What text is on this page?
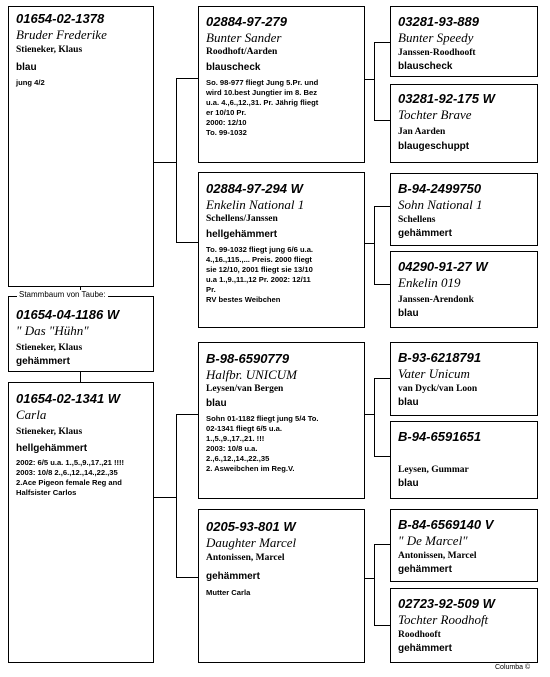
01654-02-1378
Bruder Frederike
Stieneker, Klaus
blau
jung 4/2
01654-04-1186 W
" Das "Hühn"
Stieneker, Klaus
gehämmert
Stammbaum von Taube:
01654-02-1341 W
Carla
Stieneker, Klaus
hellgehämmert
2002: 6/5 u.a. 1.,5.,9.,17.,21 !!!!
2003: 10/8 2.,6.,12.,14.,22.,35
2.Ace Pigeon female Reg and
Halfsister Carlos
02884-97-279
Bunter Sander
Roodhoft/Aarden
blauscheck
So. 98-977 fliegt Jung 5.Pr. und
wird 10.best Jungtier im 8. Bez
u.a. 4.,6.,12.,31. Pr. Jährig fliegt
er 10/10 Pr.
2000: 12/10
To. 99-1032
02884-97-294 W
Enkelin National 1
Schellens/Janssen
hellgehämmert
To. 99-1032 fliegt jung 6/6 u.a.
4.,16.,115.,... Preis. 2000 fliegt
sie 12/10, 2001 fliegt sie 13/10
u.a 1.,9.,11.,12 Pr. 2002: 12/11
Pr.
RV bestes Weibchen
B-98-6590779
Halfbr. UNICUM
Leysen/van Bergen
blau
Sohn 01-1182 fliegt jung 5/4 To.
02-1341 fliegt 6/5 u.a.
1.,5.,9.,17.,21. !!!
2003: 10/8 u.a.
2.,6.,12.,14.,22.,35
2. Asweibchen im Reg.V.
0205-93-801 W
Daughter Marcel
Antonissen, Marcel
gehämmert
Mutter Carla
03281-93-889
Bunter Speedy
Janssen-Roodhooft
blauscheck
03281-92-175 W
Tochter Brave
Jan Aarden
blaugeschuppt
B-94-2499750
Sohn National 1
Schellens
gehämmert
04290-91-27 W
Enkelin 019
Janssen-Arendonk
blau
B-93-6218791
Vater Unicum
van Dyck/van Loon
blau
B-94-6591651
Leysen, Gummar
blau
B-84-6569140 V
" De Marcel"
Antonissen, Marcel
gehämmert
02723-92-509 W
Tochter Roodhoft
Roodhooft
gehämmert
Columba ©
